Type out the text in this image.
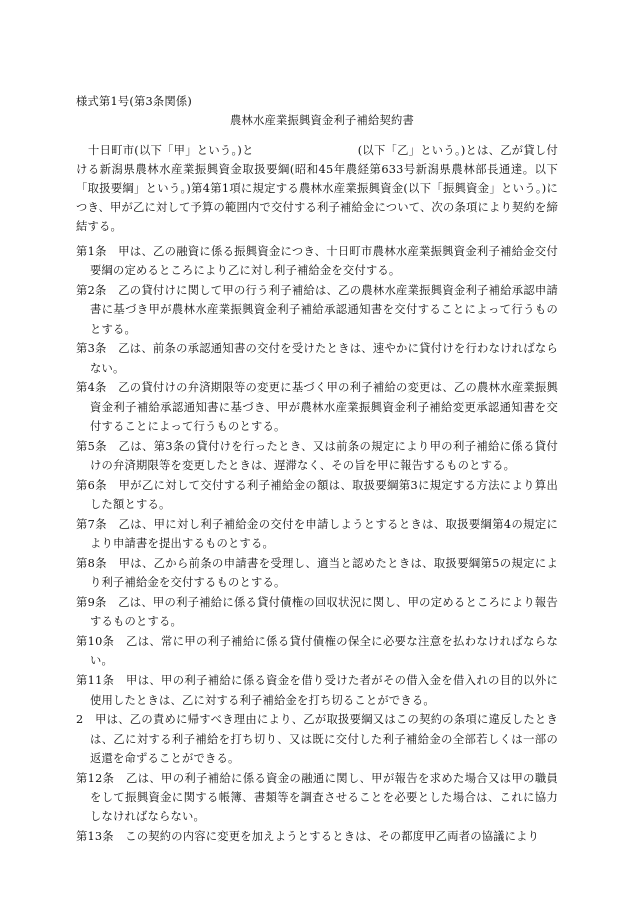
様式第1号(第3条関係)
農林水産業振興資金利子補給契約書

十日町市(以下「甲」という。)と　　　　　　　　　(以下「乙」という。)とは、乙が貸し付ける新潟県農林水産業振興資金取扱要綱(昭和45年農経第633号新潟県農林部長通達。以下「取扱要綱」という。)第4第1項に規定する農林水産業振興資金(以下「振興資金」という。)につき、甲が乙に対して予算の範囲内で交付する利子補給金について、次の条項により契約を締結する。

第1条　 甲は、乙の融資に係る振興資金につき、十日町市農林水産業振興資金利子補給金交付要綱の定めるところにより乙に対し利子補給金を交付する。

第2条　 乙の貸付けに関して甲の行う利子補給は、乙の農林水産業振興資金利子補給承認申請書に基づき甲が農林水産業振興資金利子補給承認通知書を交付することによって行うものとする。

第3条　 乙は、前条の承認通知書の交付を受けたときは、速やかに貸付けを行わなければならない。

第4条　 乙の貸付けの弁済期限等の変更に基づく甲の利子補給の変更は、乙の農林水産業振興資金利子補給承認通知書に基づき、甲が農林水産業振興資金利子補給変更承認通知書を交付することによって行うものとする。

第5条　 乙は、第3条の貸付けを行ったとき、又は前条の規定により甲の利子補給に係る貸付けの弁済期限等を変更したときは、遅滞なく、その旨を甲に報告するものとする。

第6条　 甲が乙に対して交付する利子補給金の額は、取扱要綱第3に規定する方法により算出した額とする。

第7条　 乙は、甲に対し利子補給金の交付を申請しようとするときは、取扱要綱第4の規定により申請書を提出するものとする。

第8条　 甲は、乙から前条の申請書を受理し、適当と認めたときは、取扱要綱第5の規定により利子補給金を交付するものとする。

第9条　 乙は、甲の利子補給に係る貸付債権の回収状況に関し、甲の定めるところにより報告するものとする。

第10条　 乙は、常に甲の利子補給に係る貸付債権の保全に必要な注意を払わなければならない。

第11条　 甲は、甲の利子補給に係る資金を借り受けた者がその借入金を借入れの目的以外に使用したときは、乙に対する利子補給金を打ち切ることができる。

2　 甲は、乙の責めに帰すべき理由により、乙が取扱要綱又はこの契約の条項に違反したときは、乙に対する利子補給を打ち切り、又は既に交付した利子補給金の全部若しくは一部の返還を命ずることができる。

第12条　 乙は、甲の利子補給に係る資金の融通に関し、甲が報告を求めた場合又は甲の職員をして振興資金に関する帳簿、書類等を調査させることを必要とした場合は、これに協力しなければならない。

第13条　 この契約の内容に変更を加えようとするときは、その都度甲乙両者の協議により
